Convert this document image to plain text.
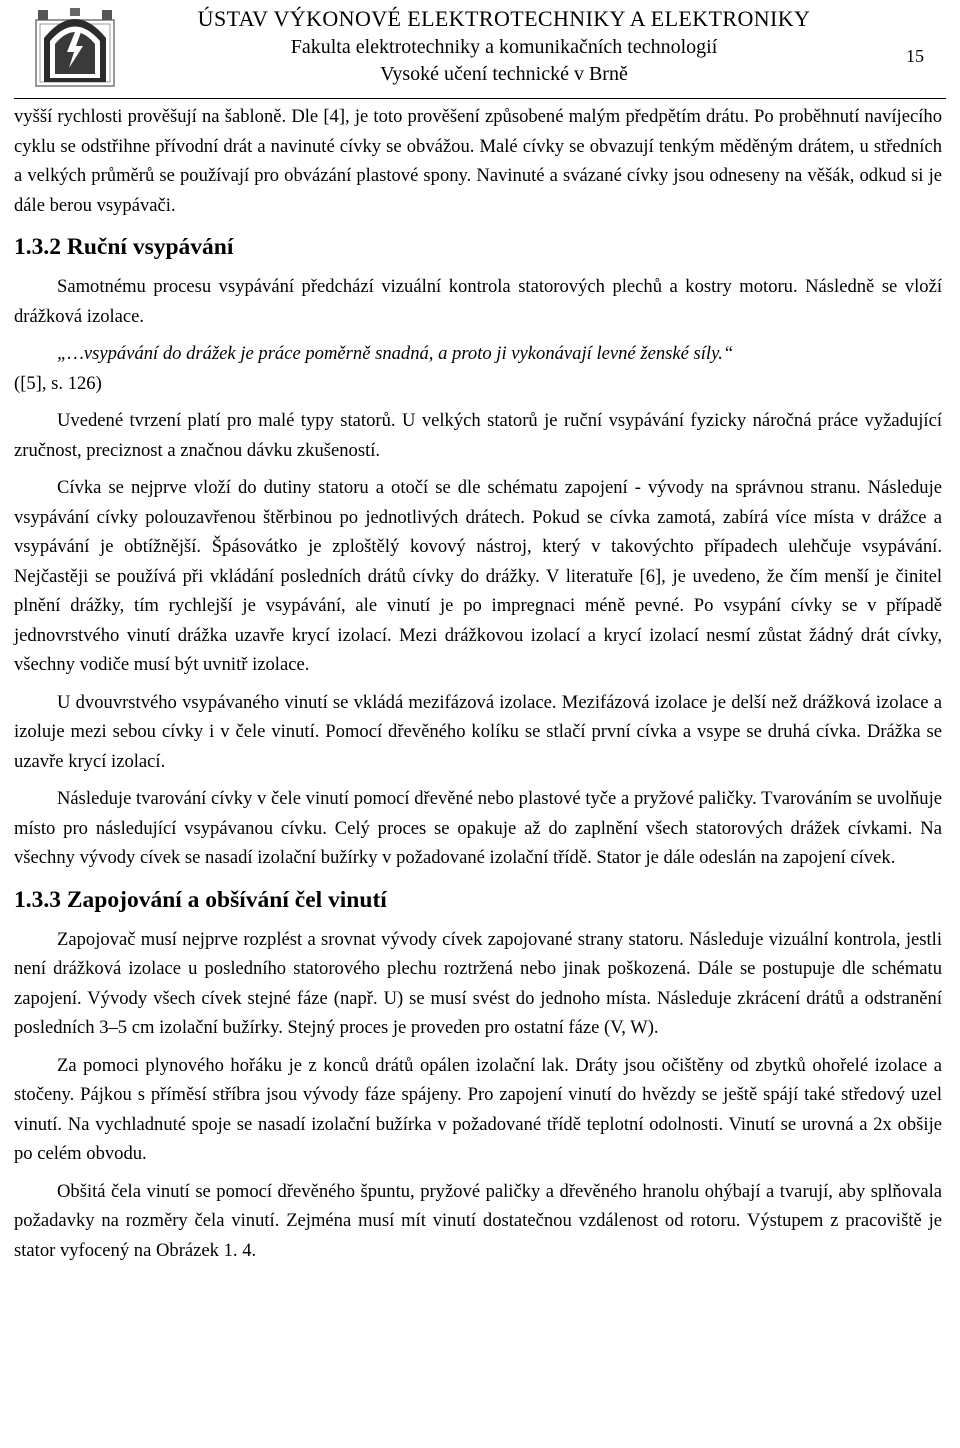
ÚSTAV VÝKONOVÉ ELEKTROTECHNIKY A ELEKTRONIKY
Fakulta elektrotechniky a komunikačních technologií
Vysoké učení technické v Brně
15

vyšší rychlosti prověšují na šabloně. Dle [4], je toto prověšení způsobené malým předpětím drátu. Po proběhnutí navíjecího cyklu se odstřihne přívodní drát a navinuté cívky se obvážou. Malé cívky se obvazují tenkým měděným drátem, u středních a velkých průměrů se používají pro obvázání plastové spony. Navinuté a svázané cívky jsou odneseny na věšák, odkud si je dále berou vsypávači.

1.3.2 Ruční vsypávání

Samotnému procesu vsypávání předchází vizuální kontrola statorových plechů a kostry motoru. Následně se vloží drážková izolace.

„…vsypávání do drážek je práce poměrně snadná, a proto ji vykonávají levné ženské síly.“

([5], s. 126)

Uvedené tvrzení platí pro malé typy statorů. U velkých statorů je ruční vsypávání fyzicky náročná práce vyžadující zručnost, preciznost a značnou dávku zkušeností.

Cívka se nejprve vloží do dutiny statoru a otočí se dle schématu zapojení - vývody na správnou stranu. Následuje vsypávání cívky polouzavřenou štěrbinou po jednotlivých drátech. Pokud se cívka zamotá, zabírá více místa v drážce a vsypávání je obtížnější. Špásovátko je zploštělý kovový nástroj, který v takovýchto případech ulehčuje vsypávání. Nejčastěji se používá při vkládání posledních drátů cívky do drážky. V literatuře [6], je uvedeno, že čím menší je činitel plnění drážky, tím rychlejší je vsypávání, ale vinutí je po impregnaci méně pevné. Po vsypání cívky se v případě jednovrstvého vinutí drážka uzavře krycí izolací. Mezi drážkovou izolací a krycí izolací nesmí zůstat žádný drát cívky, všechny vodiče musí být uvnitř izolace.

U dvouvrstvého vsypávaného vinutí se vkládá mezifázová izolace. Mezifázová izolace je delší než drážková izolace a izoluje mezi sebou cívky i v čele vinutí. Pomocí dřevěného kolíku se stlačí první cívka a vsype se druhá cívka. Drážka se uzavře krycí izolací.

Následuje tvarování cívky v čele vinutí pomocí dřevěné nebo plastové tyče a pryžové paličky. Tvarováním se uvolňuje místo pro následující vsypávanou cívku. Celý proces se opakuje až do zaplnění všech statorových drážek cívkami. Na všechny vývody cívek se nasadí izolační bužírky v požadované izolační třídě. Stator je dále odeslán na zapojení cívek.

1.3.3 Zapojování a obšívání čel vinutí

Zapojovač musí nejprve rozplést a srovnat vývody cívek zapojované strany statoru. Následuje vizuální kontrola, jestli není drážková izolace u posledního statorového plechu roztržená nebo jinak poškozená. Dále se postupuje dle schématu zapojení. Vývody všech cívek stejné fáze (např. U) se musí svést do jednoho místa. Následuje zkrácení drátů a odstranění posledních 3–5 cm izolační bužírky. Stejný proces je proveden pro ostatní fáze (V, W).

Za pomoci plynového hořáku je z konců drátů opálen izolační lak. Dráty jsou očištěny od zbytků ohořelé izolace a stočeny. Pájkou s příměsí stříbra jsou vývody fáze spájeny. Pro zapojení vinutí do hvězdy se ještě spájí také středový uzel vinutí. Na vychladnuté spoje se nasadí izolační bužírka v požadované třídě teplotní odolnosti. Vinutí se urovná a 2x obšije po celém obvodu.

Obšitá čela vinutí se pomocí dřevěného špuntu, pryžové paličky a dřevěného hranolu ohýbají a tvarují, aby splňovala požadavky na rozměry čela vinutí. Zejména musí mít vinutí dostatečnou vzdálenost od rotoru. Výstupem z pracoviště je stator vyfocený na Obrázek 1. 4.
